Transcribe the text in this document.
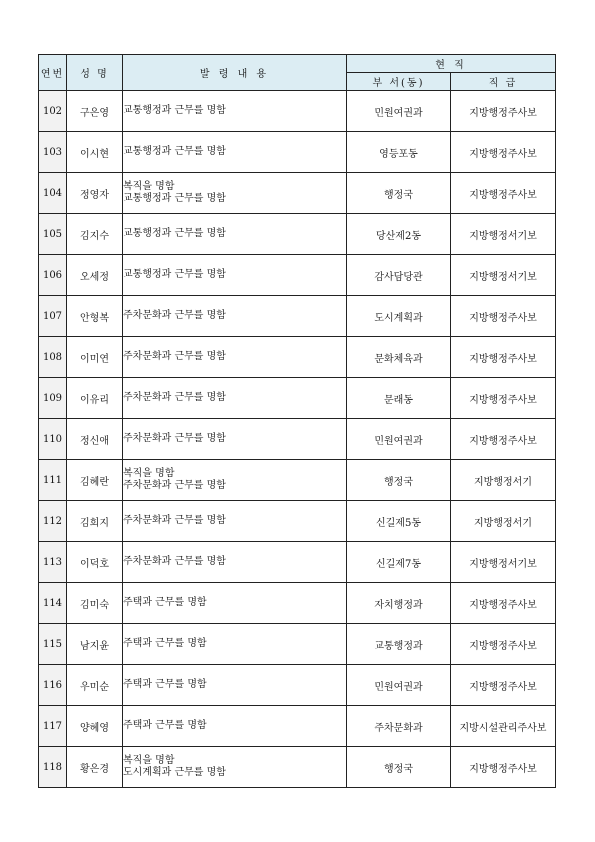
연번	성 명	발 령 내 용	현 직	
			부 서(동)	직 급
102	구은영	교통행정과 근무를 명함	민원여권과	지방행정주사보
103	이시현	교통행정과 근무를 명함	영등포동	지방행정주사보
104	정영자	복직을 명함
교통행정과 근무를 명함	행정국	지방행정주사보
105	김지수	교통행정과 근무를 명함	당산제2동	지방행정서기보
106	오세정	교통행정과 근무를 명함	감사담당관	지방행정서기보
107	안형복	주차문화과 근무를 명함	도시계획과	지방행정주사보
108	이미연	주차문화과 근무를 명함	문화체육과	지방행정주사보
109	이유리	주차문화과 근무를 명함	문래동	지방행정주사보
110	정신애	주차문화과 근무를 명함	민원여권과	지방행정주사보
111	김혜란	복직을 명함
주차문화과 근무를 명함	행정국	지방행정서기
112	김희지	주차문화과 근무를 명함	신길제5동	지방행정서기
113	이덕호	주차문화과 근무를 명함	신길제7동	지방행정서기보
114	김미숙	주택과 근무를 명함	자치행정과	지방행정주사보
115	남지윤	주택과 근무를 명함	교통행정과	지방행정주사보
116	우미순	주택과 근무를 명함	민원여권과	지방행정주사보
117	양혜영	주택과 근무를 명함	주차문화과	지방시설관리주사보
118	황은경	복직을 명함
도시계획과 근무를 명함	행정국	지방행정주사보
